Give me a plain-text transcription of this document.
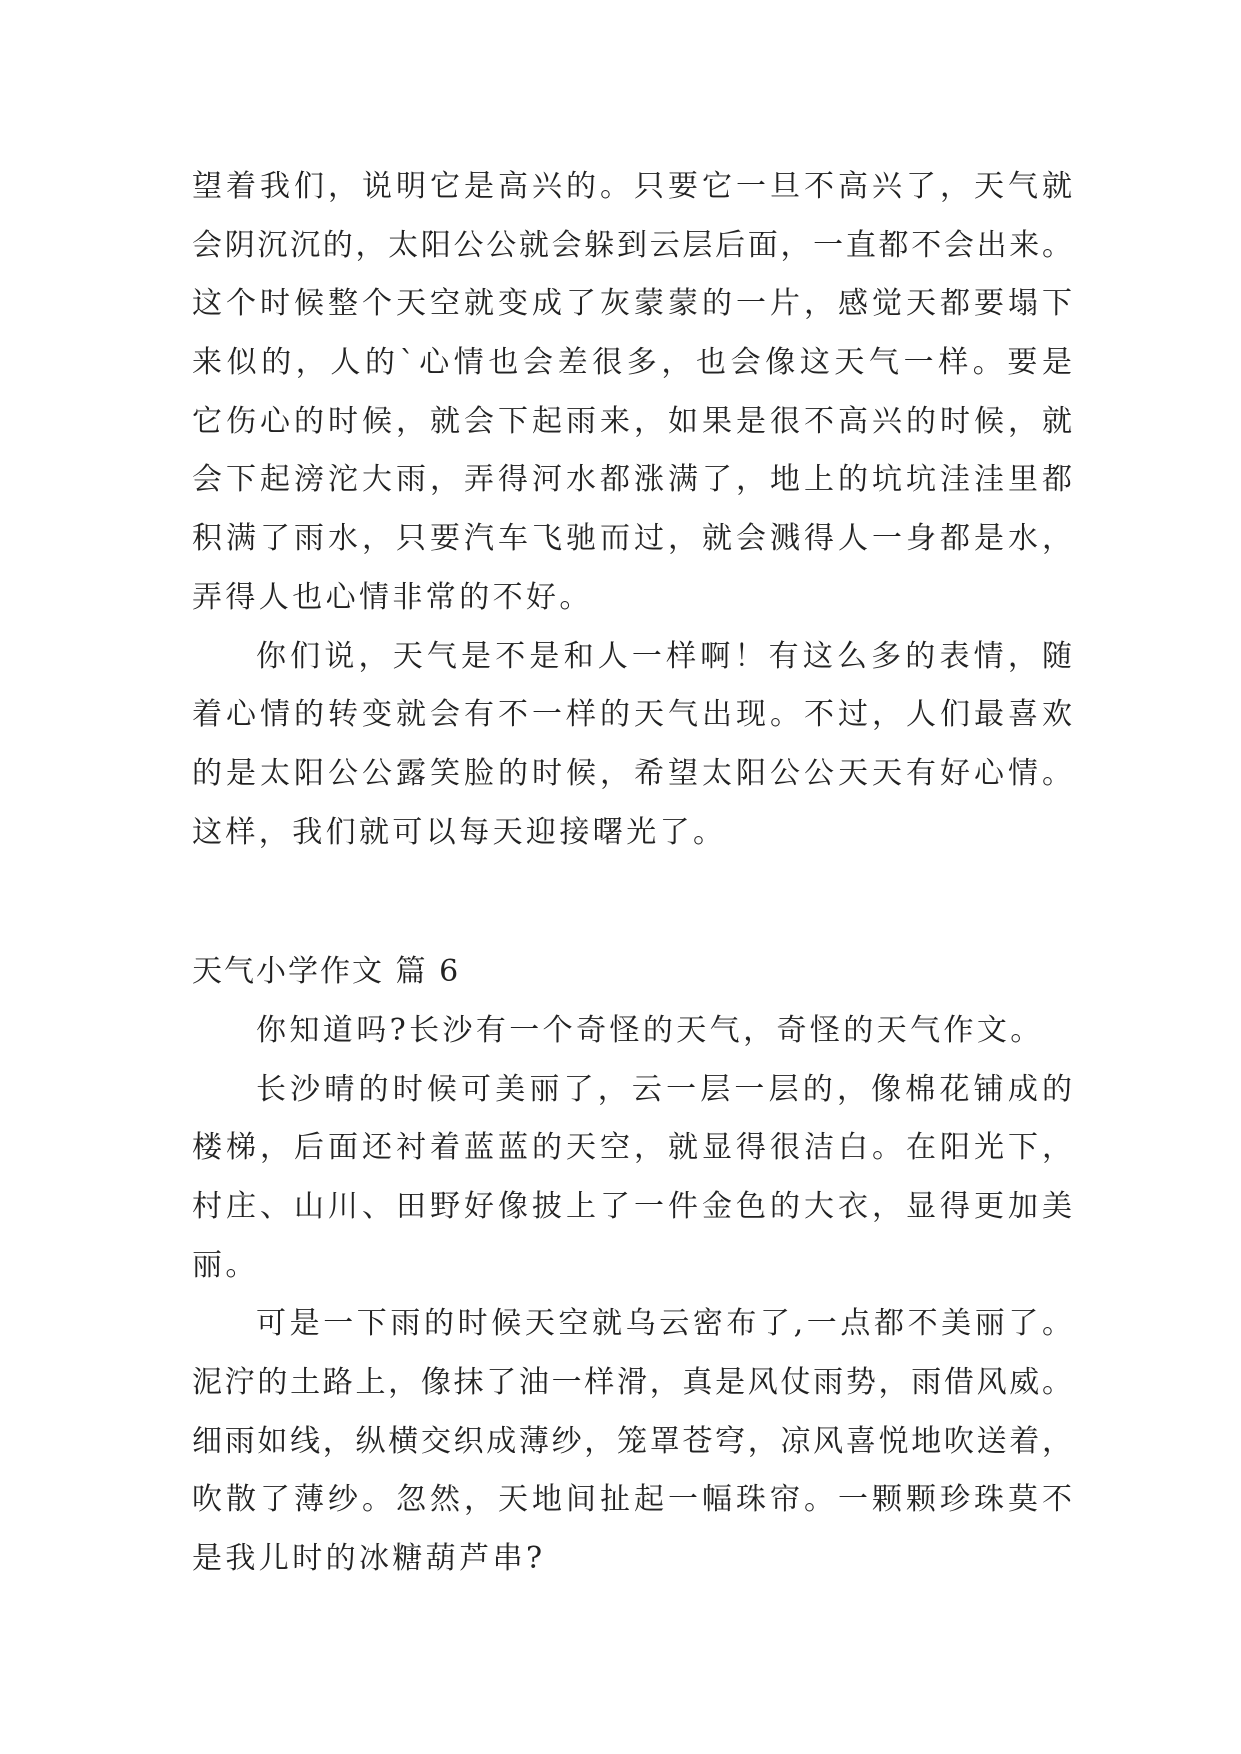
望着我们，说明它是高兴的。只要它一旦不高兴了，天气就
会阴沉沉的，太阳公公就会躲到云层后面，一直都不会出来。
这个时候整个天空就变成了灰蒙蒙的一片，感觉天都要塌下
来似的，人的`心情也会差很多，也会像这天气一样。要是
它伤心的时候，就会下起雨来，如果是很不高兴的时候，就
会下起滂沱大雨，弄得河水都涨满了，地上的坑坑洼洼里都
积满了雨水，只要汽车飞驰而过，就会溅得人一身都是水，
弄得人也心情非常的不好。
你们说，天气是不是和人一样啊！有这么多的表情，随
着心情的转变就会有不一样的天气出现。不过，人们最喜欢
的是太阳公公露笑脸的时候，希望太阳公公天天有好心情。
这样，我们就可以每天迎接曙光了。
天气小学作文 篇 6
你知道吗?长沙有一个奇怪的天气，奇怪的天气作文。
长沙晴的时候可美丽了，云一层一层的，像棉花铺成的
楼梯，后面还衬着蓝蓝的天空，就显得很洁白。在阳光下，
村庄、山川、田野好像披上了一件金色的大衣，显得更加美
丽。
可是一下雨的时候天空就乌云密布了,一点都不美丽了。
泥泞的土路上，像抹了油一样滑，真是风仗雨势，雨借风威。
细雨如线，纵横交织成薄纱，笼罩苍穹，凉风喜悦地吹送着，
吹散了薄纱。忽然，天地间扯起一幅珠帘。一颗颗珍珠莫不
是我儿时的冰糖葫芦串?
